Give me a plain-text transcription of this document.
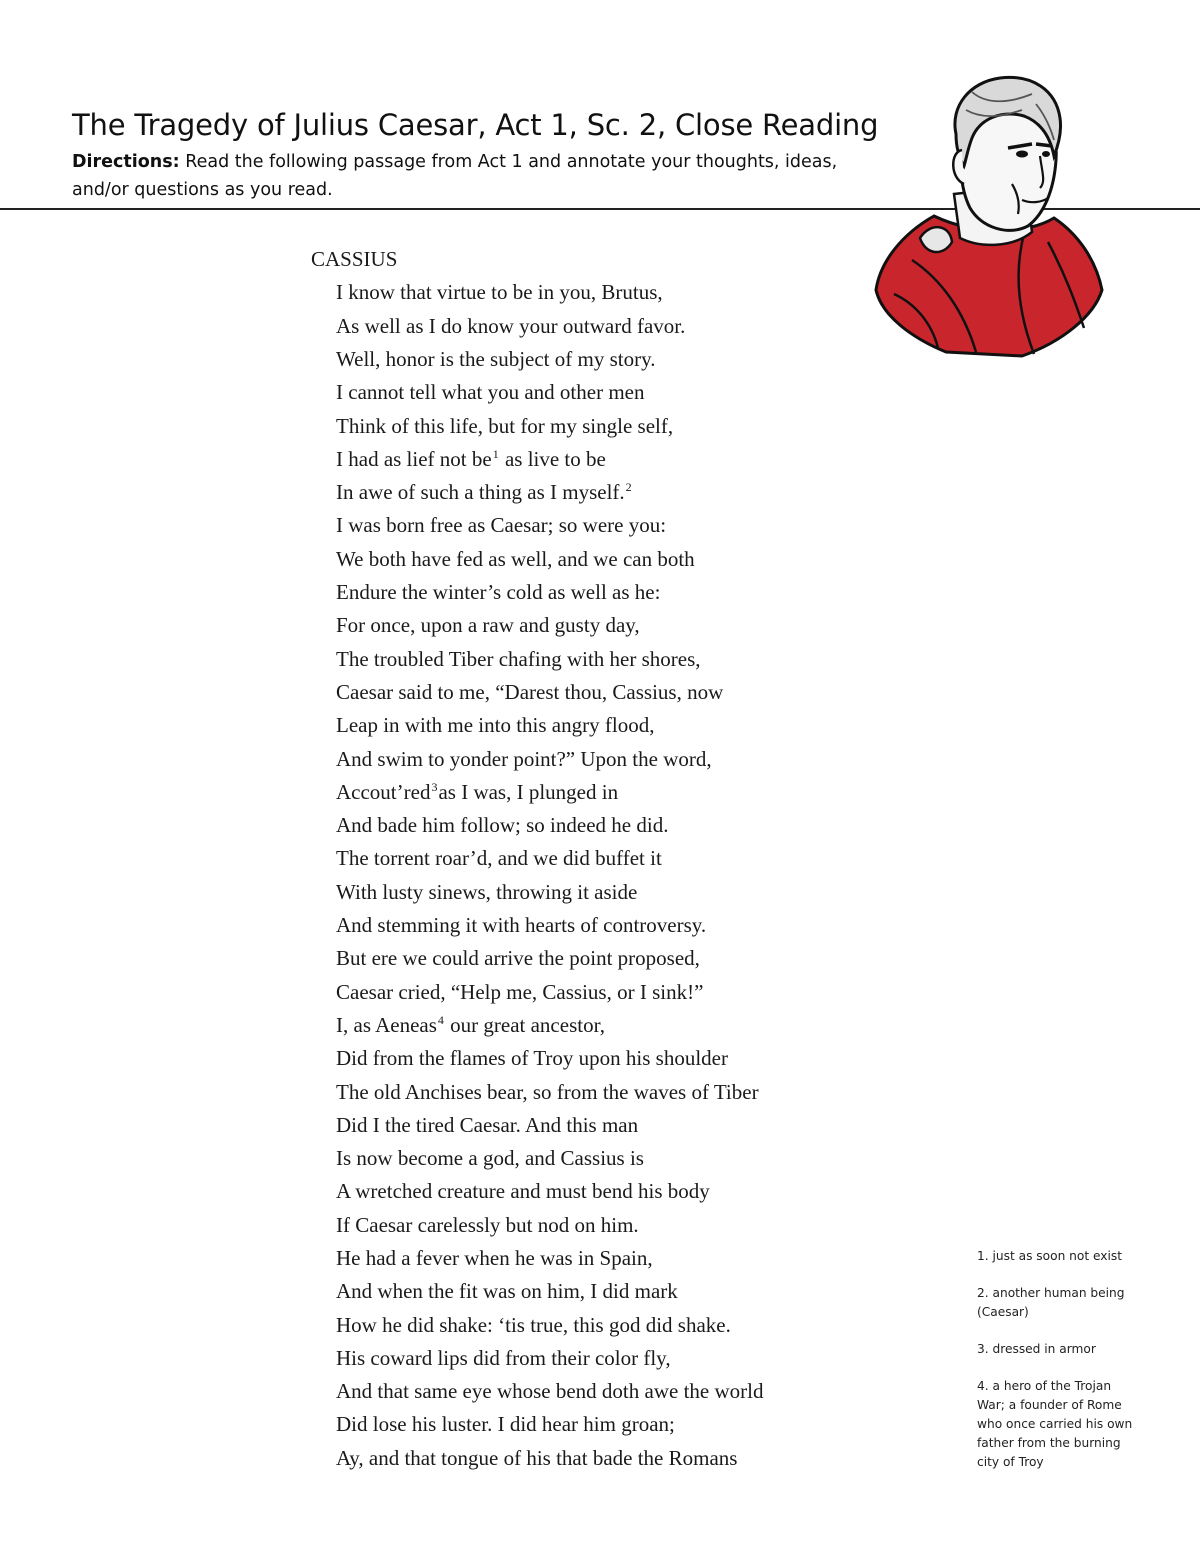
The Tragedy of Julius Caesar, Act 1, Sc. 2, Close Reading

Directions: Read the following passage from Act 1 and annotate your thoughts, ideas, and/or questions as you read.

CASSIUS
I know that virtue to be in you, Brutus,
As well as I do know your outward favor.
Well, honor is the subject of my story.
I cannot tell what you and other men
Think of this life, but for my single self,
I had as lief not $be^1$ as live to be
In awe of such a thing as I myself.$^2$
I was born free as Caesar; so were you:
We both have fed as well, and we can both
Endure the winter’s cold as well as he:
For once, upon a raw and gusty day,
The troubled Tiber chafing with her shores,
Caesar said to me, “Darest thou, Cassius, now
Leap in with me into this angry flood,
And swim to yonder point?” Upon the word,
Accout’red$^3$as I was, I plunged in
And bade him follow; so indeed he did.
The torrent roar’d, and we did buffet it
With lusty sinews, throwing it aside
And stemming it with hearts of controversy.
But ere we could arrive the point proposed,
Caesar cried, “Help me, Cassius, or I sink!”
I, as Aeneas$^4$ our great ancestor,
Did from the flames of Troy upon his shoulder
The old Anchises bear, so from the waves of Tiber
Did I the tired Caesar. And this man
Is now become a god, and Cassius is
A wretched creature and must bend his body
If Caesar carelessly but nod on him.
He had a fever when he was in Spain,
And when the fit was on him, I did mark
How he did shake: ‘tis true, this god did shake.
His coward lips did from their color fly,
And that same eye whose bend doth awe the world
Did lose his luster. I did hear him groan;
Ay, and that tongue of his that bade the Romans
1. just as soon not exist
2. another human being (Caesar)
3. dressed in armor
4. a hero of the Trojan War; a founder of Rome who once carried his own father from the burning city of Troy
